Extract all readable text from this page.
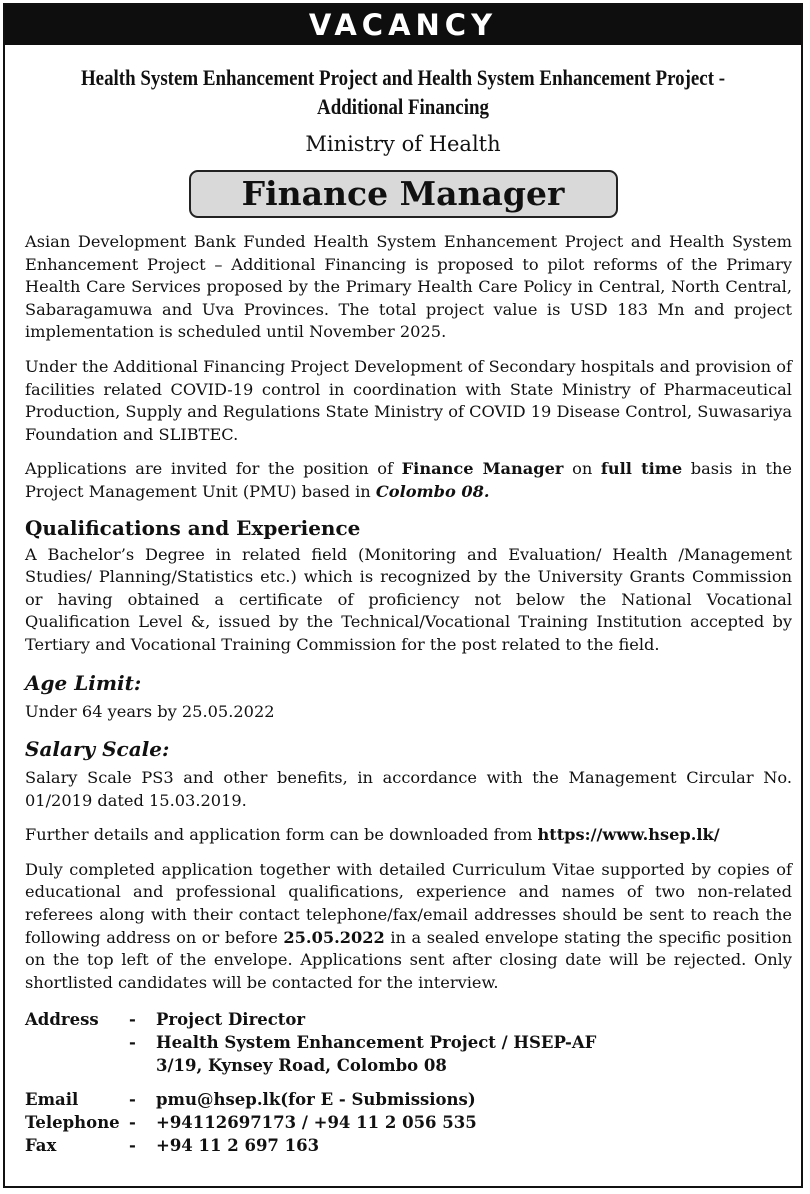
VACANCY
Health System Enhancement Project and Health System Enhancement Project -
Additional Financing
Ministry of Health
Finance Manager

Asian Development Bank Funded Health System Enhancement Project and Health System Enhancement Project – Additional Financing is proposed to pilot reforms of the Primary Health Care Services proposed by the Primary Health Care Policy in Central, North Central, Sabaragamuwa and Uva Provinces. The total project value is USD 183 Mn and project implementation is scheduled until November 2025.

Under the Additional Financing Project Development of Secondary hospitals and provision of facilities related COVID-19 control in coordination with State Ministry of Pharmaceutical Production, Supply and Regulations State Ministry of COVID 19 Disease Control, Suwasariya Foundation and SLIBTEC.

Applications are invited for the position of Finance Manager on full time basis in the Project Management Unit (PMU) based in Colombo 08.

Qualifications and Experience

A Bachelor’s Degree in related field (Monitoring and Evaluation/ Health /Management Studies/ Planning/Statistics etc.) which is recognized by the University Grants Commission or having obtained a certificate of proficiency not below the National Vocational Qualification Level &, issued by the Technical/Vocational Training Institution accepted by Tertiary and Vocational Training Commission for the post related to the field.

Age Limit:

Under 64 years by 25.05.2022

Salary Scale:

Salary Scale PS3 and other benefits, in accordance with the Management Circular No. 01/2019 dated 15.03.2019.

Further details and application form can be downloaded from https://www.hsep.lk/

Duly completed application together with detailed Curriculum Vitae supported by copies of educational and professional qualifications, experience and names of two non-related referees along with their contact telephone/fax/email addresses should be sent to reach the following address on or before 25.05.2022 in a sealed envelope stating the specific position on the top left of the envelope. Applications sent after closing date will be rejected. Only shortlisted candidates will be contacted for the interview.

Address	-	Project Director
-	Health System Enhancement Project / HSEP-AF
3/19, Kynsey Road, Colombo 08
Email	-	pmu@hsep.lk(for E - Submissions)
Telephone -	+94112697173 / +94 11 2 056 535
Fax	-	+94 11 2 697 163
